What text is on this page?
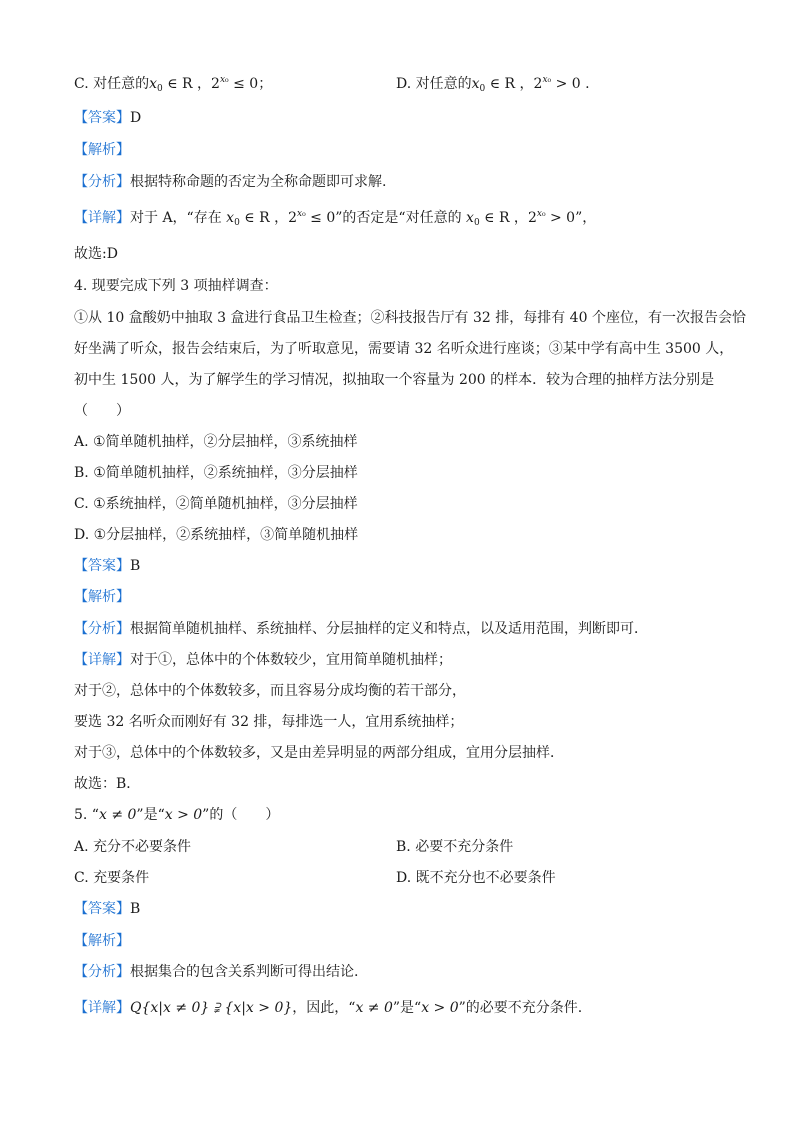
C. 对任意的$x_0$ ∈ R ，$2^{x_0} \le 0$；	D. 对任意的$x_0$ ∈ R ，$2^{x_0} > 0$ .
【答案】D
【解析】
【分析】根据特称命题的否定为全称命题即可求解.
【详解】对于 A，“存在 $x_0$ ∈ R ，$2^{x_0} \le 0$”的否定是“对任意的 $x_0$ ∈ R ，$2^{x_0} > 0$”，
故选:D
4. 现要完成下列 3 项抽样调查：
①从 10 盒酸奶中抽取 3 盒进行食品卫生检查；②科技报告厅有 32 排，每排有 40 个座位，有一次报告会恰
好坐满了听众，报告会结束后，为了听取意见，需要请 32 名听众进行座谈；③某中学有高中生 3500 人，
初中生 1500 人，为了解学生的学习情况，拟抽取一个容量为 200 的样本．较为合理的抽样方法分别是
（　　）
A. ①简单随机抽样，②分层抽样，③系统抽样
B. ①简单随机抽样，②系统抽样，③分层抽样
C. ①系统抽样，②简单随机抽样，③分层抽样
D. ①分层抽样，②系统抽样，③简单随机抽样
【答案】B
【解析】
【分析】根据简单随机抽样、系统抽样、分层抽样的定义和特点，以及适用范围，判断即可．
【详解】对于①，总体中的个体数较少，宜用简单随机抽样；
对于②，总体中的个体数较多，而且容易分成均衡的若干部分，
要选 32 名听众而刚好有 32 排，每排选一人，宜用系统抽样；
对于③，总体中的个体数较多，又是由差异明显的两部分组成，宜用分层抽样．
故选：B．
5. “x ≠ 0”是“x > 0”的（　　）
A. 充分不必要条件	B. 必要不充分条件
C. 充要条件	D. 既不充分也不必要条件
【答案】B
【解析】
【分析】根据集合的包含关系判断可得出结论.
【详解】Q{x|x ≠ 0} ⫌ {x|x > 0}，因此，“x ≠ 0”是“x > 0”的必要不充分条件.
